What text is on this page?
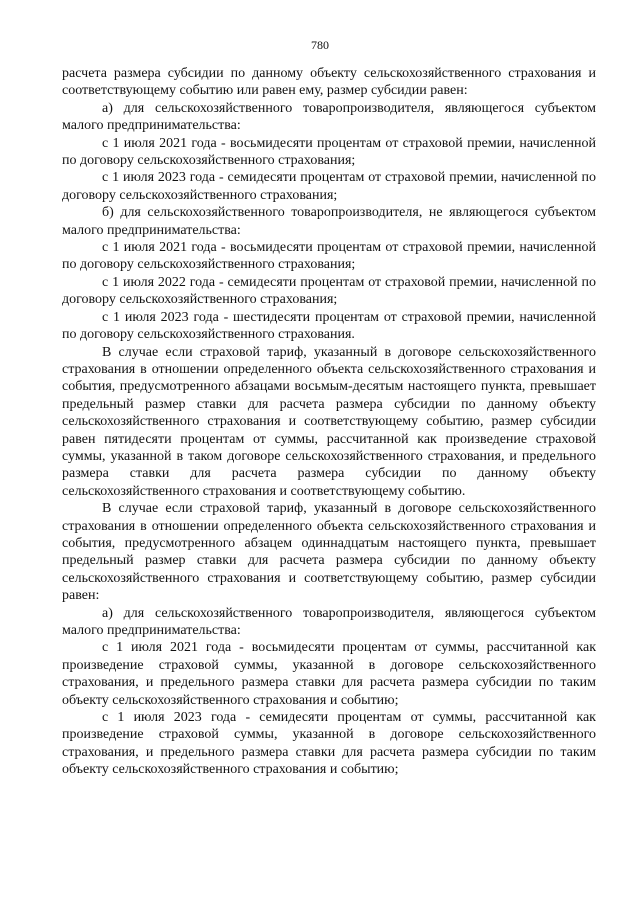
780

расчета размера субсидии по данному объекту сельскохозяйственного страхования и соответствующему событию или равен ему, размер субсидии равен:

а) для сельскохозяйственного товаропроизводителя, являющегося субъектом малого предпринимательства:

с 1 июля 2021 года - восьмидесяти процентам от страховой премии, начисленной по договору сельскохозяйственного страхования;

с 1 июля 2023 года - семидесяти процентам от страховой премии, начисленной по договору сельскохозяйственного страхования;

б) для сельскохозяйственного товаропроизводителя, не являющегося субъектом малого предпринимательства:

с 1 июля 2021 года - восьмидесяти процентам от страховой премии, начисленной по договору сельскохозяйственного страхования;

с 1 июля 2022 года - семидесяти процентам от страховой премии, начисленной по договору сельскохозяйственного страхования;

с 1 июля 2023 года - шестидесяти процентам от страховой премии, начисленной по договору сельскохозяйственного страхования.

В случае если страховой тариф, указанный в договоре сельскохозяйственного страхования в отношении определенного объекта сельскохозяйственного страхования и события, предусмотренного абзацами восьмым-десятым настоящего пункта, превышает предельный размер ставки для расчета размера субсидии по данному объекту сельскохозяйственного страхования и соответствующему событию, размер субсидии равен пятидесяти процентам от суммы, рассчитанной как произведение страховой суммы, указанной в таком договоре сельскохозяйственного страхования, и предельного размера ставки для расчета размера субсидии по данному объекту сельскохозяйственного страхования и соответствующему событию.

В случае если страховой тариф, указанный в договоре сельскохозяйственного страхования в отношении определенного объекта сельскохозяйственного страхования и события, предусмотренного абзацем одиннадцатым настоящего пункта, превышает предельный размер ставки для расчета размера субсидии по данному объекту сельскохозяйственного страхования и соответствующему событию, размер субсидии равен:

а) для сельскохозяйственного товаропроизводителя, являющегося субъектом малого предпринимательства:

с 1 июля 2021 года - восьмидесяти процентам от суммы, рассчитанной как произведение страховой суммы, указанной в договоре сельскохозяйственного страхования, и предельного размера ставки для расчета размера субсидии по таким объекту сельскохозяйственного страхования и событию;

с 1 июля 2023 года - семидесяти процентам от суммы, рассчитанной как произведение страховой суммы, указанной в договоре сельскохозяйственного страхования, и предельного размера ставки для расчета размера субсидии по таким объекту сельскохозяйственного страхования и событию;
